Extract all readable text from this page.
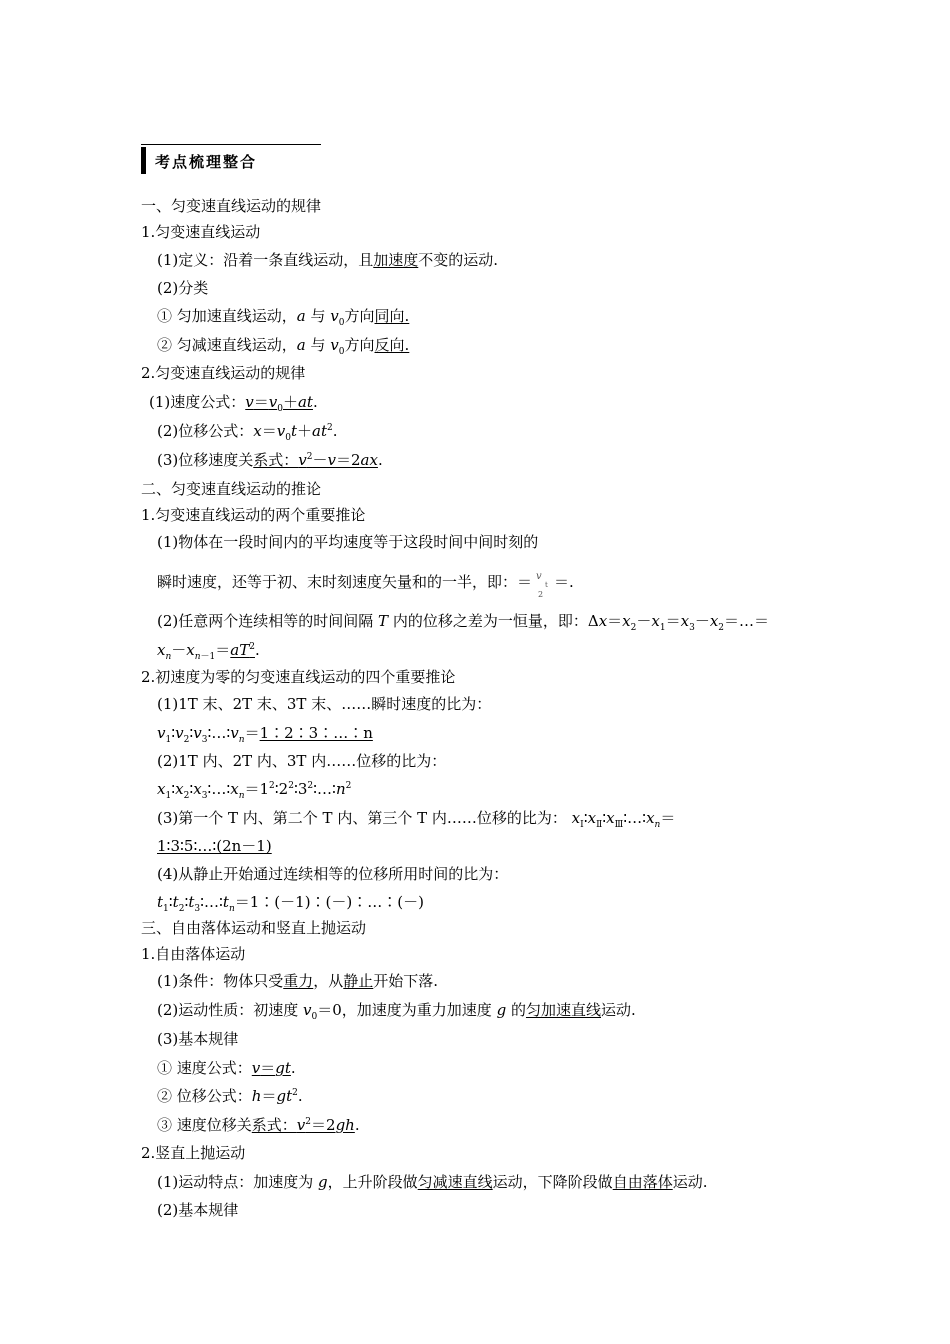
考点梳理整合
一、匀变速直线运动的规律
1.匀变速直线运动
(1)定义：沿着一条直线运动，且加速度不变的运动.
(2)分类
① 匀加速直线运动，a 与 $v_0$方向同向.
② 匀减速直线运动，a 与 $v_0$方向反向.
2.匀变速直线运动的规律
(1)速度公式：$v=v_0+at$.
(2)位移公式：$x=v_0t+at^2$.
(3)位移速度关系式：$v^2-v=2ax$.
二、匀变速直线运动的推论
1.匀变速直线运动的两个重要推论
(1)物体在一段时间内的平均速度等于这段时间中间时刻的
瞬时速度，还等于初、末时刻速度矢量和的一半，即：＝ v
t
2
＝.
(2)任意两个连续相等的时间间隔 T 内的位移之差为一恒量，即：$\Delta x=x_2-x_1=x_3-x_2=\dots=$
$x_n-x_{n-1}=aT^2$.
2.初速度为零的匀变速直线运动的四个重要推论
(1)1T 末、2T 末、3T 末、……瞬时速度的比为：
$v_1∶v_2∶v_3∶\dots∶v_n=1∶2∶3∶\dots∶n$
(2)1T 内、2T 内、3T 内……位移的比为：
$x_1∶x_2∶x_3∶\dots∶x_n=1^2∶2^2∶3^2∶\dots∶n^2$
(3)第一个 T 内、第二个 T 内、第三个 T 内……位移的比为： $x_Ⅰ∶x_Ⅱ∶x_Ⅲ∶\dots∶x_n=$
1∶3∶5∶…∶(2n－1)
(4)从静止开始通过连续相等的位移所用时间的比为：
$t_1∶t_2∶t_3∶\dots∶t_n=1∶(-1)∶(-)∶\dots∶(-)$
三、自由落体运动和竖直上抛运动
1.自由落体运动
(1)条件：物体只受重力，从静止开始下落.
(2)运动性质：初速度 $v_0=0$，加速度为重力加速度 g 的匀加速直线运动.
(3)基本规律
① 速度公式：v＝gt.
② 位移公式：$h=gt^2$.
③ 速度位移关系式：$v^2=2gh$.
2.竖直上抛运动
(1)运动特点：加速度为 g，上升阶段做匀减速直线运动，下降阶段做自由落体运动.
(2)基本规律
